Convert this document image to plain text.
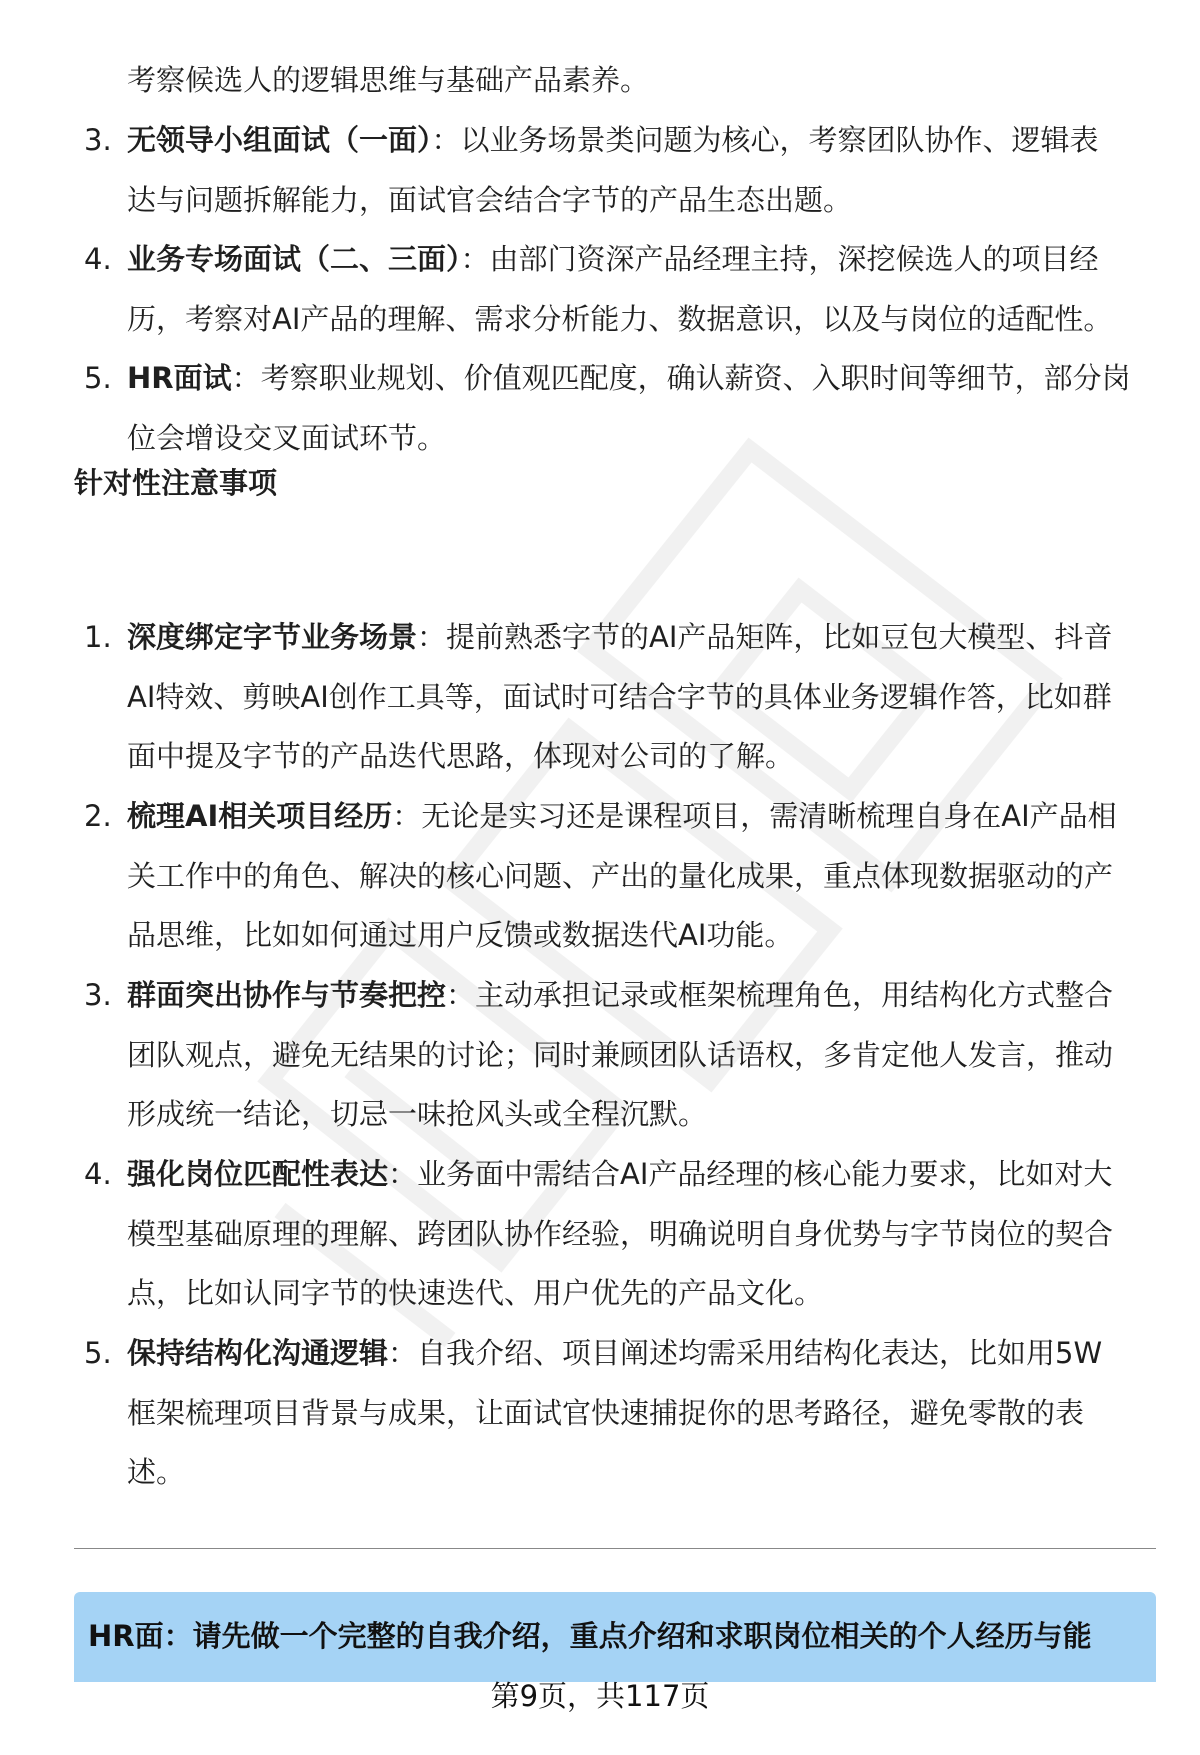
考察候选人的逻辑思维与基础产品素养。
3. 无领导小组面试（一面）：以业务场景类问题为核心，考察团队协作、逻辑表
达与问题拆解能力，面试官会结合字节的产品生态出题。
4. 业务专场面试（二、三面）：由部门资深产品经理主持，深挖候选人的项目经
历，考察对AI产品的理解、需求分析能力、数据意识，以及与岗位的适配性。
5. HR面试：考察职业规划、价值观匹配度，确认薪资、入职时间等细节，部分岗
位会增设交叉面试环节。
针对性注意事项
1. 深度绑定字节业务场景：提前熟悉字节的AI产品矩阵，比如豆包大模型、抖音
AI特效、剪映AI创作工具等，面试时可结合字节的具体业务逻辑作答，比如群
面中提及字节的产品迭代思路，体现对公司的了解。
2. 梳理AI相关项目经历：无论是实习还是课程项目，需清晰梳理自身在AI产品相
关工作中的角色、解决的核心问题、产出的量化成果，重点体现数据驱动的产
品思维，比如如何通过用户反馈或数据迭代AI功能。
3. 群面突出协作与节奏把控：主动承担记录或框架梳理角色，用结构化方式整合
团队观点，避免无结果的讨论；同时兼顾团队话语权，多肯定他人发言，推动
形成统一结论，切忌一味抢风头或全程沉默。
4. 强化岗位匹配性表达：业务面中需结合AI产品经理的核心能力要求，比如对大
模型基础原理的理解、跨团队协作经验，明确说明自身优势与字节岗位的契合
点，比如认同字节的快速迭代、用户优先的产品文化。
5. 保持结构化沟通逻辑：自我介绍、项目阐述均需采用结构化表达，比如用5W
框架梳理项目背景与成果，让面试官快速捕捉你的思考路径，避免零散的表
述。
HR面：请先做一个完整的自我介绍，重点介绍和求职岗位相关的个人经历与能
第9页，共117页
